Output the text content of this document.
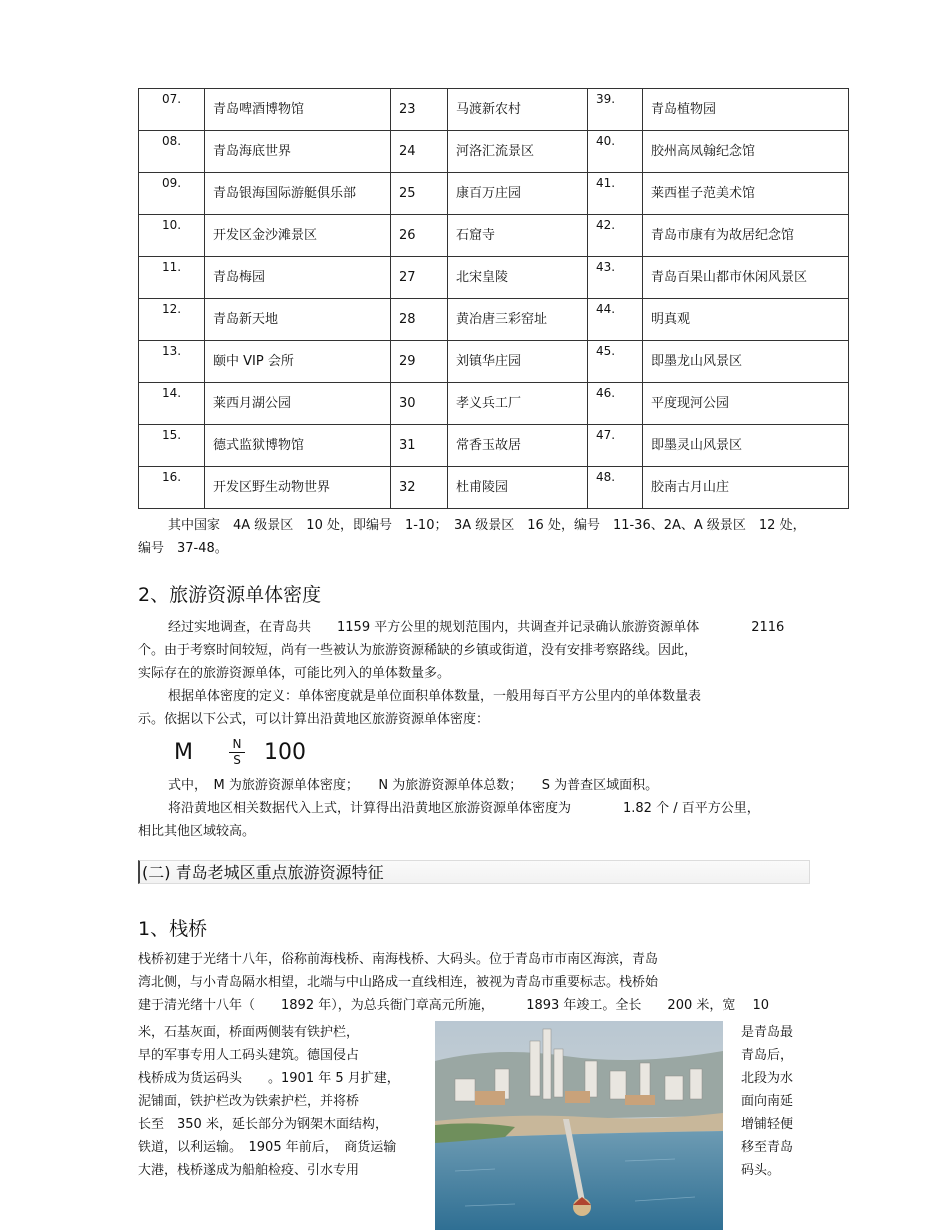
07.	青岛啤酒博物馆	23	马渡新农村	39.	青岛植物园
08.	青岛海底世界	24	河洛汇流景区	40.	胶州高凤翰纪念馆
09.	青岛银海国际游艇俱乐部	25	康百万庄园	41.	莱西崔子范美术馆
10.	开发区金沙滩景区	26	石窟寺	42.	青岛市康有为故居纪念馆
11.	青岛梅园	27	北宋皇陵	43.	青岛百果山都市休闲风景区
12.	青岛新天地	28	黄冶唐三彩窑址	44.	明真观
13.	颐中 VIP 会所	29	刘镇华庄园	45.	即墨龙山风景区
14.	莱西月湖公园	30	孝义兵工厂	46.	平度现河公园
15.	德式监狱博物馆	31	常香玉故居	47.	即墨灵山风景区
16.	开发区野生动物世界	32	杜甫陵园	48.	胶南古月山庄
其中国家　4A 级景区　10 处，即编号　1-10；　3A 级景区　16 处，编号　11-36、2A、A 级景区　12 处，
编号　37-48。
2、旅游资源单体密度
经过实地调查，在青岛共　　1159 平方公里的规划范围内，共调查并记录确认旅游资源单体　　　　2116
个。由于考察时间较短，尚有一些被认为旅游资源稀缺的乡镇或街道，没有安排考察路线。因此，
实际存在的旅游资源单体，可能比列入的单体数量多。
根据单体密度的定义：单体密度就是单位面积单体数量，一般用每百平方公里内的单体数量表
示。依据以下公式，可以计算出沿黄地区旅游资源单体密度：
M	N
S 100
式中，　M 为旅游资源单体密度；　　N 为旅游资源单体总数；　　S 为普查区域面积。
将沿黄地区相关数据代入上式，计算得出沿黄地区旅游资源单体密度为　　　　1.82 个 / 百平方公里，
相比其他区域较高。
(二) 青岛老城区重点旅游资源特征
1、栈桥
栈桥初建于光绪十八年，俗称前海栈桥、南海栈桥、大码头。位于青岛市市南区海滨，青岛
湾北侧，与小青岛隔水相望，北端与中山路成一直线相连，被视为青岛市重要标志。栈桥始
建于清光绪十八年（　　1892 年），为总兵衙门章高元所施，　　　1893 年竣工。全长　　200 米，宽　 10
米，石基灰面，桥面两侧装有铁护栏，
早的军事专用人工码头建筑。德国侵占
栈桥成为货运码头　　。1901 年 5 月扩建，
泥铺面，铁护栏改为铁索护栏，并将桥
长至　350 米，延长部分为钢架木面结构，
铁道，以利运输。　1905 年前后，　商货运输
大港，栈桥遂成为船舶检疫、引水专用
是青岛最
青岛后，
北段为水
面向南延
增铺轻便
移至青岛
码头。
